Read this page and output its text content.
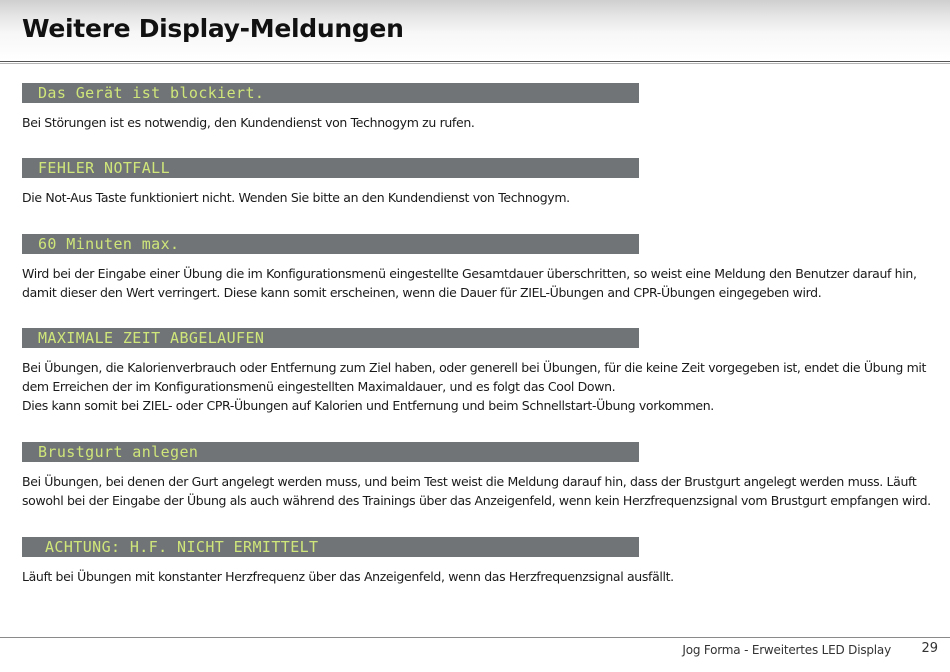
Weitere Display-Meldungen
Das Gerät ist blockiert.

Bei Störungen ist es notwendig, den Kundendienst von Technogym zu rufen.

FEHLER NOTFALL

Die Not-Aus Taste funktioniert nicht. Wenden Sie bitte an den Kundendienst von Technogym.

60 Minuten max.

Wird bei der Eingabe einer Übung die im Konfigurationsmenü eingestellte Gesamtdauer überschritten, so weist eine Meldung den Benutzer darauf hin, damit dieser den Wert verringert. Diese kann somit erscheinen, wenn die Dauer für ZIEL-Übungen and CPR-Übungen eingegeben wird.

MAXIMALE ZEIT ABGELAUFEN

Bei Übungen, die Kalorienverbrauch oder Entfernung zum Ziel haben, oder generell bei Übungen, für die keine Zeit vorgegeben ist, endet die Übung mit dem Erreichen der im Konfigurationsmenü eingestellten Maximaldauer, und es folgt das Cool Down.

Dies kann somit bei ZIEL- oder CPR-Übungen auf Kalorien und Entfernung und beim Schnellstart-Übung vorkommen.

Brustgurt anlegen

Bei Übungen, bei denen der Gurt angelegt werden muss, und beim Test weist die Meldung darauf hin, dass der Brustgurt angelegt werden muss. Läuft sowohl bei der Eingabe der Übung als auch während des Trainings über das Anzeigenfeld, wenn kein Herzfrequenzsignal vom Brustgurt empfangen wird.

ACHTUNG: H.F. NICHT ERMITTELT

Läuft bei Übungen mit konstanter Herzfrequenz über das Anzeigenfeld, wenn das Herzfrequenzsignal ausfällt.

Jog Forma - Erweitertes LED Display 29
